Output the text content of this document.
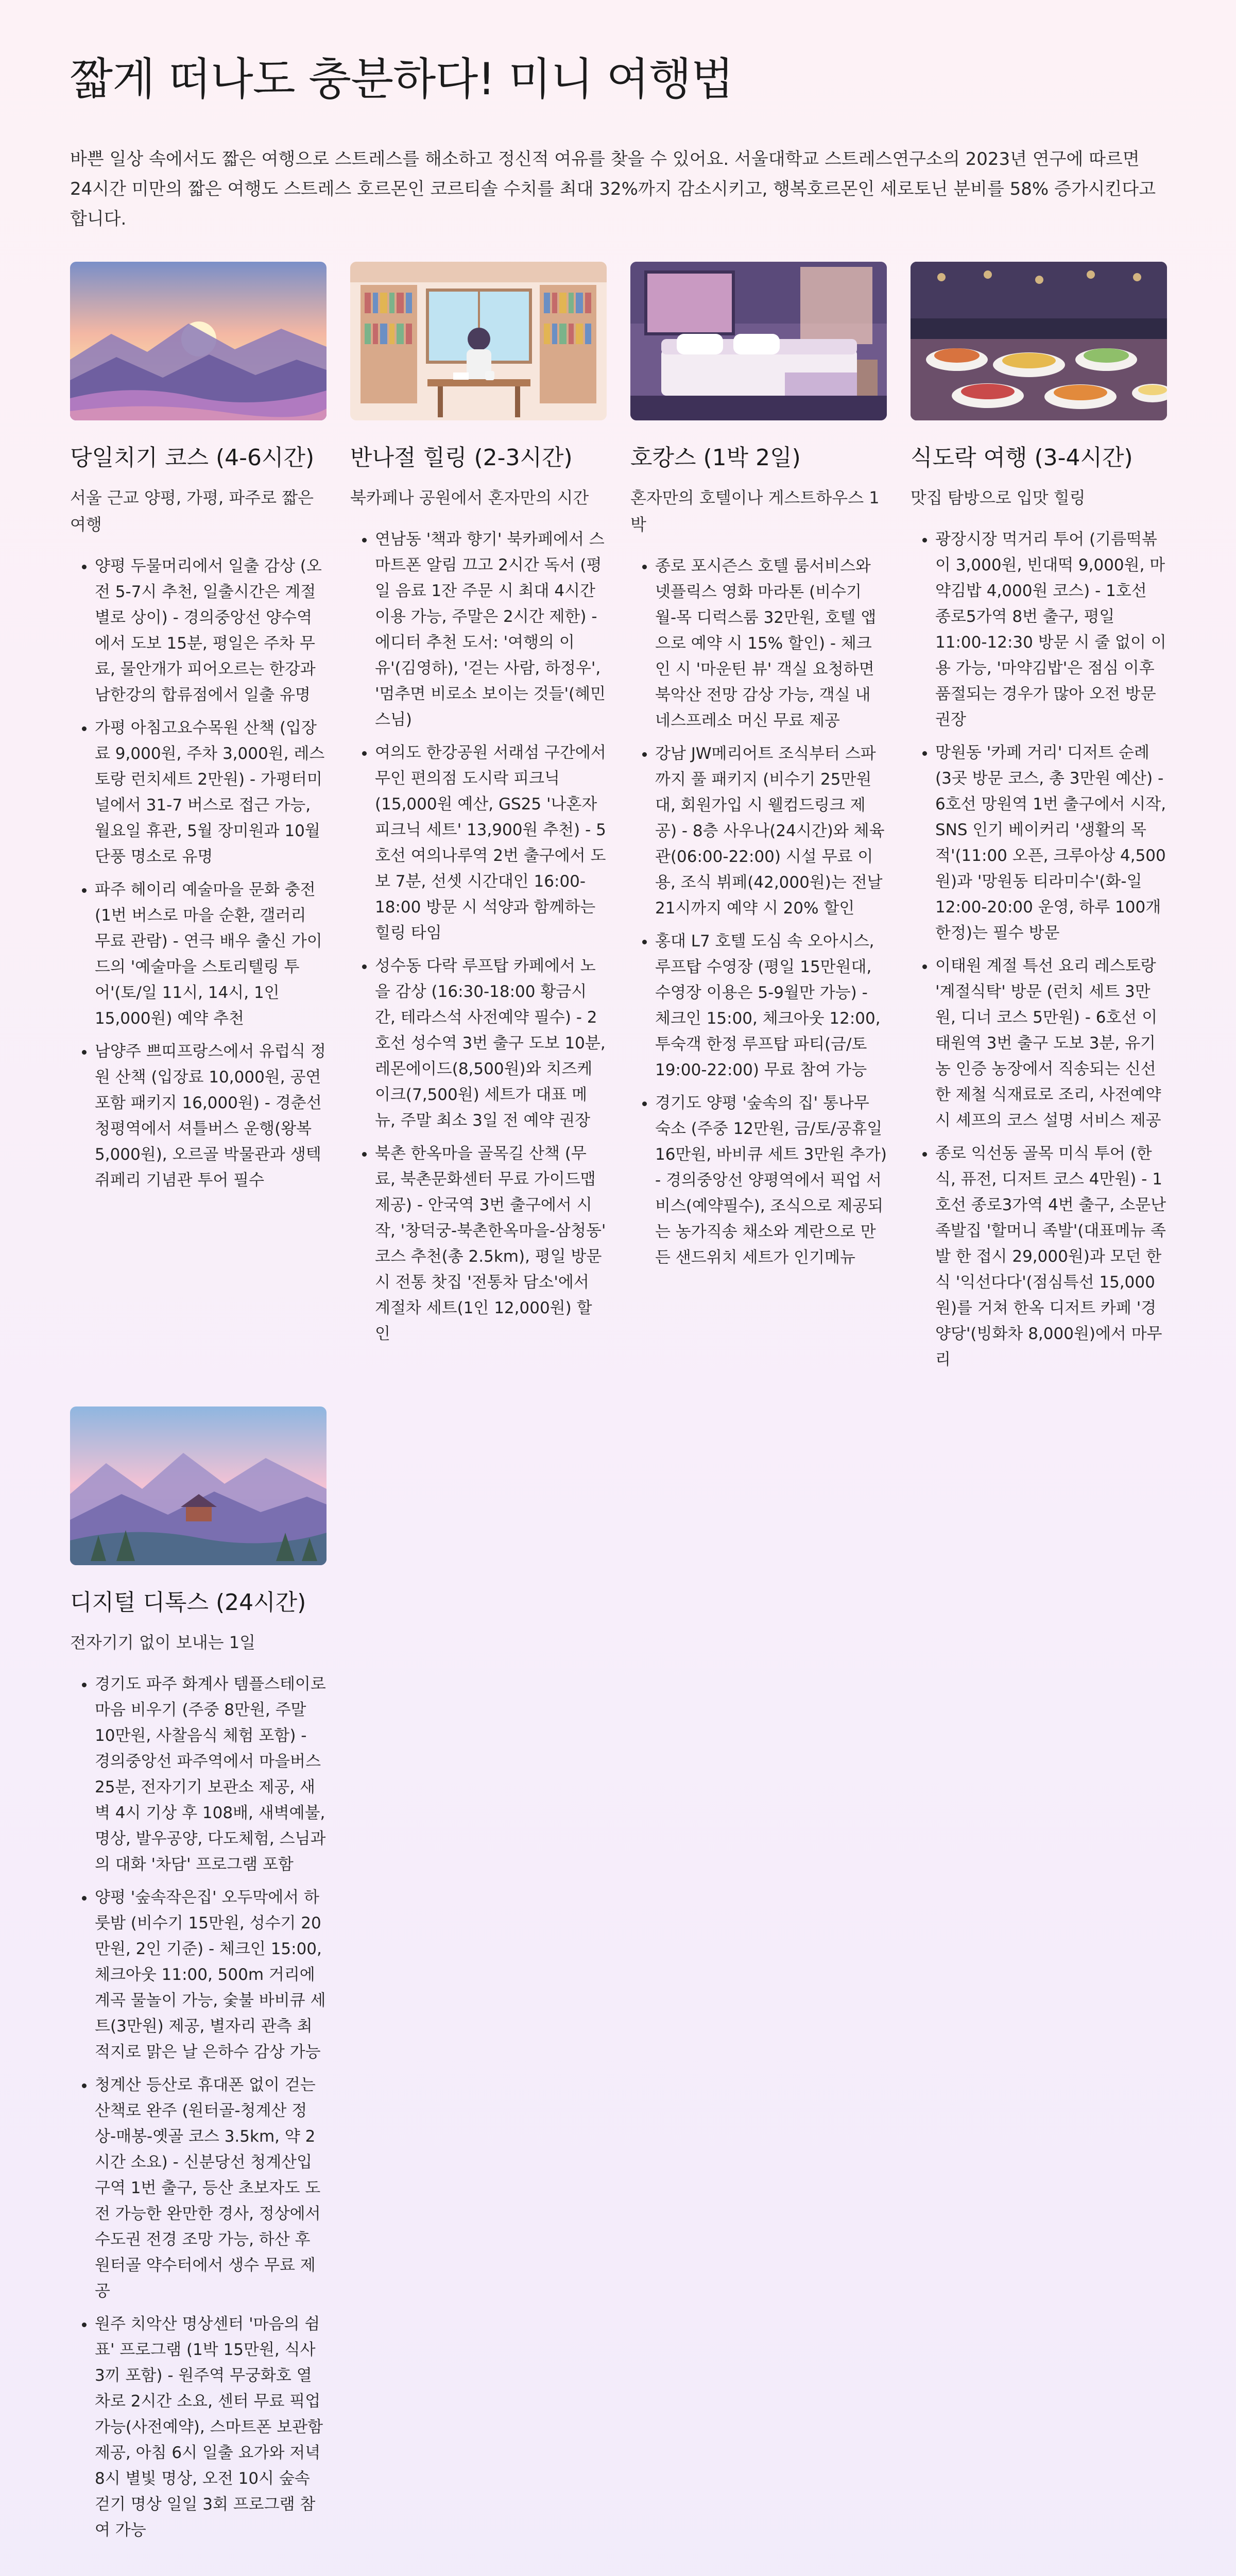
짧게 떠나도 충분하다! 미니 여행법

바쁜 일상 속에서도 짧은 여행으로 스트레스를 해소하고 정신적 여유를 찾을 수 있어요. 서울대학교 스트레스연구소의 2023년 연구에 따르면 24시간 미만의 짧은 여행도 스트레스 호르몬인 코르티솔 수치를 최대 32%까지 감소시키고, 행복호르몬인 세로토닌 분비를 58% 증가시킨다고 합니다.

당일치기 코스 (4-6시간)

서울 근교 양평, 가평, 파주로 짧은 여행

• 양평 두물머리에서 일출 감상 (오전 5-7시 추천, 일출시간은 계절별로 상이) - 경의중앙선 양수역에서 도보 15분, 평일은 주차 무료, 물안개가 피어오르는 한강과 남한강의 합류점에서 일출 유명
• 가평 아침고요수목원 산책 (입장료 9,000원, 주차 3,000원, 레스토랑 런치세트 2만원) - 가평터미널에서 31-7 버스로 접근 가능, 월요일 휴관, 5월 장미원과 10월 단풍 명소로 유명
• 파주 헤이리 예술마을 문화 충전 (1번 버스로 마을 순환, 갤러리 무료 관람) - 연극 배우 출신 가이드의 '예술마을 스토리텔링 투어'(토/일 11시, 14시, 1인 15,000원) 예약 추천
• 남양주 쁘띠프랑스에서 유럽식 정원 산책 (입장료 10,000원, 공연 포함 패키지 16,000원) - 경춘선 청평역에서 셔틀버스 운행(왕복 5,000원), 오르골 박물관과 생텍쥐페리 기념관 투어 필수
반나절 힐링 (2-3시간)

북카페나 공원에서 혼자만의 시간

• 연남동 '책과 향기' 북카페에서 스마트폰 알림 끄고 2시간 독서 (평일 음료 1잔 주문 시 최대 4시간 이용 가능, 주말은 2시간 제한) - 에디터 추천 도서: '여행의 이유'(김영하), '걷는 사람, 하정우', '멈추면 비로소 보이는 것들'(혜민 스님)
• 여의도 한강공원 서래섬 구간에서 무인 편의점 도시락 피크닉 (15,000원 예산, GS25 '나혼자 피크닉 세트' 13,900원 추천) - 5호선 여의나루역 2번 출구에서 도보 7분, 선셋 시간대인 16:00-18:00 방문 시 석양과 함께하는 힐링 타임
• 성수동 다락 루프탑 카페에서 노을 감상 (16:30-18:00 황금시간, 테라스석 사전예약 필수) - 2호선 성수역 3번 출구 도보 10분, 레몬에이드(8,500원)와 치즈케이크(7,500원) 세트가 대표 메뉴, 주말 최소 3일 전 예약 권장
• 북촌 한옥마을 골목길 산책 (무료, 북촌문화센터 무료 가이드맵 제공) - 안국역 3번 출구에서 시작, '창덕궁-북촌한옥마을-삼청동' 코스 추천(총 2.5km), 평일 방문 시 전통 찻집 '전통차 담소'에서 계절차 세트(1인 12,000원) 할인
호캉스 (1박 2일)

혼자만의 호텔이나 게스트하우스 1박

• 종로 포시즌스 호텔 룸서비스와 넷플릭스 영화 마라톤 (비수기 월-목 디럭스룸 32만원, 호텔 앱으로 예약 시 15% 할인) - 체크인 시 '마운틴 뷰' 객실 요청하면 북악산 전망 감상 가능, 객실 내 네스프레소 머신 무료 제공
• 강남 JW메리어트 조식부터 스파까지 풀 패키지 (비수기 25만원대, 회원가입 시 웰컴드링크 제공) - 8층 사우나(24시간)와 체육관(06:00-22:00) 시설 무료 이용, 조식 뷔페(42,000원)는 전날 21시까지 예약 시 20% 할인
• 홍대 L7 호텔 도심 속 오아시스, 루프탑 수영장 (평일 15만원대, 수영장 이용은 5-9월만 가능) - 체크인 15:00, 체크아웃 12:00, 투숙객 한정 루프탑 파티(금/토 19:00-22:00) 무료 참여 가능
• 경기도 양평 '숲속의 집' 통나무 숙소 (주중 12만원, 금/토/공휴일 16만원, 바비큐 세트 3만원 추가) - 경의중앙선 양평역에서 픽업 서비스(예약필수), 조식으로 제공되는 농가직송 채소와 계란으로 만든 샌드위치 세트가 인기메뉴
식도락 여행 (3-4시간)

맛집 탐방으로 입맛 힐링

• 광장시장 먹거리 투어 (기름떡볶이 3,000원, 빈대떡 9,000원, 마약김밥 4,000원 코스) - 1호선 종로5가역 8번 출구, 평일 11:00-12:30 방문 시 줄 없이 이용 가능, '마약김밥'은 점심 이후 품절되는 경우가 많아 오전 방문 권장
• 망원동 '카페 거리' 디저트 순례 (3곳 방문 코스, 총 3만원 예산) - 6호선 망원역 1번 출구에서 시작, SNS 인기 베이커리 '생활의 목적'(11:00 오픈, 크루아상 4,500원)과 '망원동 티라미수'(화-일 12:00-20:00 운영, 하루 100개 한정)는 필수 방문
• 이태원 계절 특선 요리 레스토랑 '계절식탁' 방문 (런치 세트 3만원, 디너 코스 5만원) - 6호선 이태원역 3번 출구 도보 3분, 유기농 인증 농장에서 직송되는 신선한 제철 식재료로 조리, 사전예약 시 셰프의 코스 설명 서비스 제공
• 종로 익선동 골목 미식 투어 (한식, 퓨전, 디저트 코스 4만원) - 1호선 종로3가역 4번 출구, 소문난 족발집 '할머니 족발'(대표메뉴 족발 한 접시 29,000원)과 모던 한식 '익선다다'(점심특선 15,000원)를 거쳐 한옥 디저트 카페 '경양당'(빙화차 8,000원)에서 마무리
디지털 디톡스 (24시간)

전자기기 없이 보내는 1일

• 경기도 파주 화계사 템플스테이로 마음 비우기 (주중 8만원, 주말 10만원, 사찰음식 체험 포함) - 경의중앙선 파주역에서 마을버스 25분, 전자기기 보관소 제공, 새벽 4시 기상 후 108배, 새벽예불, 명상, 발우공양, 다도체험, 스님과의 대화 '차담' 프로그램 포함
• 양평 '숲속작은집' 오두막에서 하룻밤 (비수기 15만원, 성수기 20만원, 2인 기준) - 체크인 15:00, 체크아웃 11:00, 500m 거리에 계곡 물놀이 가능, 숯불 바비큐 세트(3만원) 제공, 별자리 관측 최적지로 맑은 날 은하수 감상 가능
• 청계산 등산로 휴대폰 없이 걷는 산책로 완주 (원터골-청계산 정상-매봉-옛골 코스 3.5km, 약 2시간 소요) - 신분당선 청계산입구역 1번 출구, 등산 초보자도 도전 가능한 완만한 경사, 정상에서 수도권 전경 조망 가능, 하산 후 원터골 약수터에서 생수 무료 제공
• 원주 치악산 명상센터 '마음의 쉼표' 프로그램 (1박 15만원, 식사 3끼 포함) - 원주역 무궁화호 열차로 2시간 소요, 센터 무료 픽업 가능(사전예약), 스마트폰 보관함 제공, 아침 6시 일출 요가와 저녁 8시 별빛 명상, 오전 10시 숲속 걷기 명상 일일 3회 프로그램 참여 가능
